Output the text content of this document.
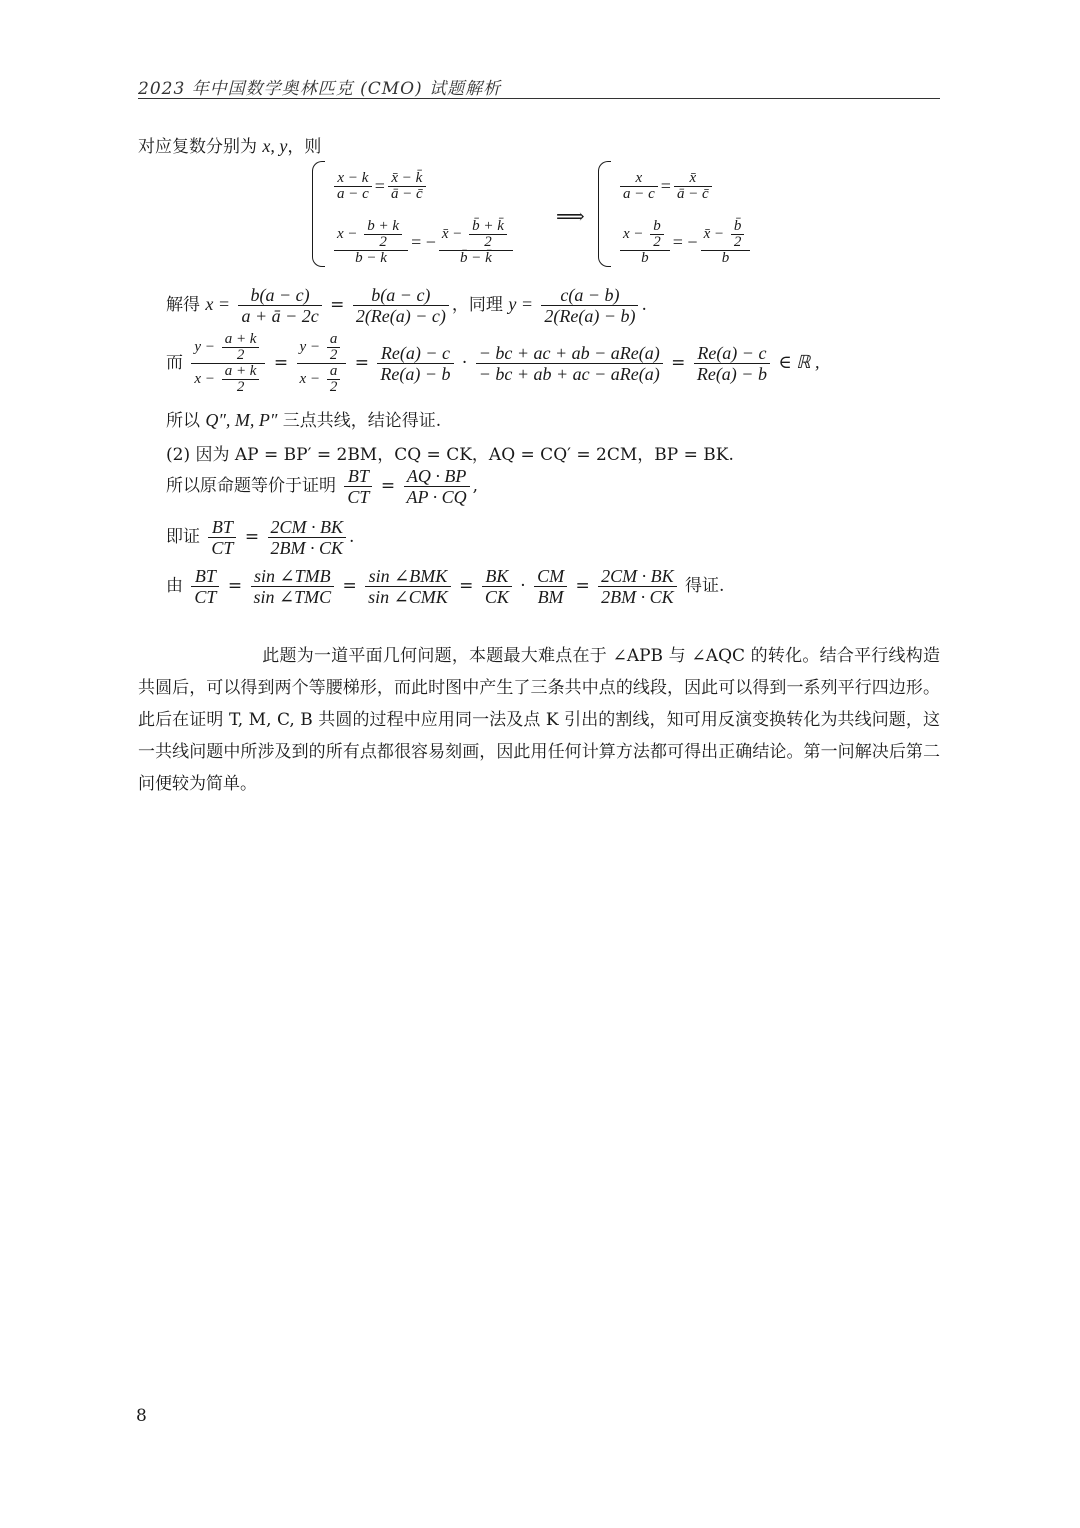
2023 年中国数学奥林匹克 (CMO) 试题解析
对应复数分别为 x, y，则
$\frac{x - k}{a - c} = \frac{x̄ - k̄}{ā - c̄}$
$\frac{x - \frac{b + k}{2}}{b - k}$ = − $\frac{x̄ - \frac{b̄ + k̄}{2}}{b̄ - k̄}$
⟹
$\frac{x}{a - c} = \frac{x̄}{ā - c̄}$
$\frac{x - \frac{b}{2}}{b}$ = − $\frac{x̄ - \frac{b̄}{2}}{b}$
解得 $x = \frac{b(a - c)}{a + ā - 2c} = \frac{b(a - c)}{2(Re(a) - c)}$ ，同理 $y = \frac{c(a - b)}{2(Re(a) - b)}$ .
而 $\frac{y - \frac{a + k}{2}}{x - \frac{a + k}{2}} = \frac{y - \frac{a}{2}}{x - \frac{a}{2}} = \frac{Re(a) - c}{Re(a) - b} \cdot \frac{\text{− bc + ac + ab − aRe(a)}}{\text{− bc + ab + ac − aRe(a)}} = \frac{Re(a) - c}{Re(a) - b}$ ∈ ℝ ,
所以 Q″, M, P″ 三点共线，结论得证.
(2) 因为 AP = BP′ = 2BM，CQ = CK，AQ = CQ′ = 2CM，BP = BK.
所以原命题等价于证明 $\frac{BT}{CT} = \frac{AQ \cdot BP}{AP \cdot CQ}$ ,
即证 $\frac{BT}{CT} = \frac{2CM \cdot BK}{2BM \cdot CK}$ .
由 $\frac{BT}{CT} = \frac{\text{sin ∠TMB}}{\text{sin ∠TMC}} = \frac{\text{sin ∠BMK}}{\text{sin ∠CMK}} = \frac{BK}{CK} \cdot \frac{CM}{BM} = \frac{2CM \cdot BK}{2BM \cdot CK}$ 得证.
此题为一道平面几何问题，本题最大难点在于 ∠APB 与 ∠AQC 的转化。结合平行线构造共圆后，可以得到两个等腰梯形，而此时图中产生了三条共中点的线段，因此可以得到一系列平行四边形。此后在证明 T, M, C, B 共圆的过程中应用同一法及点 K 引出的割线，知可用反演变换转化为共线问题，这一共线问题中所涉及到的所有点都很容易刻画，因此用任何计算方法都可得出正确结论。第一问解决后第二问便较为简单。
8
